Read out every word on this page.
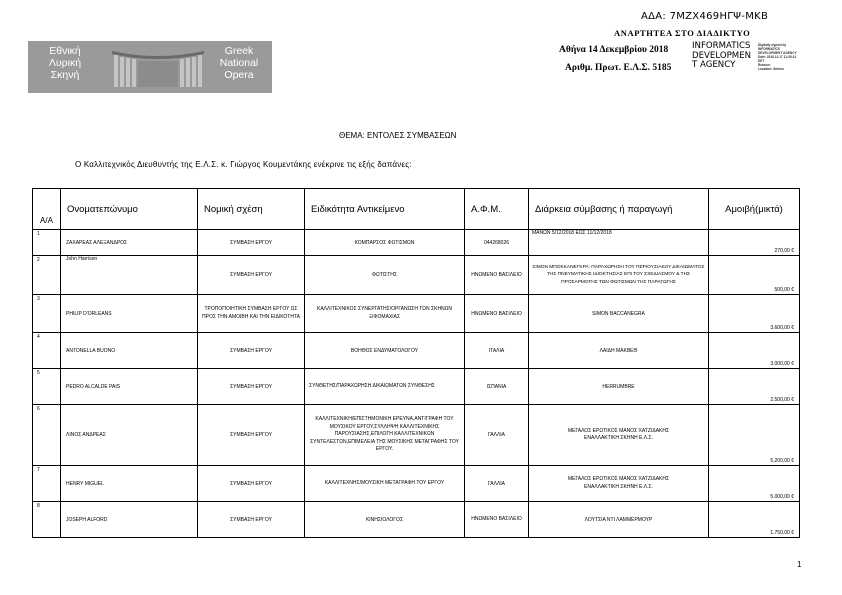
Εθνική
Λυρική
Σκηνή
Greek
National
Opera
ΑΔΑ: 7ΜΖΧ469ΗΓΨ-ΜΚΒ
ΑΝΑΡΤΗΤΕΑ ΣΤΟ ΔΙΑΔΙΚΤΥΟ
Αθήνα 14 Δεκεμβρίου 2018
Αριθμ. Πρωτ. Ε.Λ.Σ. 5185
INFORMATICS
DEVELOPMEN
T AGENCY
Digitally signed by
INFORMATICS
DEVELOPMENT AGENCY
Date: 2018.12.17 11:35:14
EET
Reason:
Location: Athens
ΘΕΜΑ: ΕΝΤΟΛΕΣ ΣΥΜΒΑΣΕΩΝ
Ο Καλλιτεχνικός Διευθυντής της Ε.Λ.Σ. κ. Γιώργος Κουμεντάκης ενέκρινε τις εξής δαπάνες:
Α/Α	Ονοματεπώνυμο	Νομική σχέση	Ειδικότητα Αντικείμενο	Α.Φ.Μ.	Διάρκεια σύμβασης ή παραγωγή	Αμοιβή(μικτά)
1	ΖΑΧΑΡΕΑΣ ΑΛΕΞΑΝΔΡΟΣ	ΣΥΜΒΑΣΗ ΕΡΓΟΥ	ΚΟΜΠΑΡΣΟΣ ΦΩΤΙΣΜΩΝ	044268026	ΜΑΝΩΝ 5/12/2018 ΕΩΣ 11/12/2018	270,00 €
2	John Harrison	ΣΥΜΒΑΣΗ ΕΡΓΟΥ	ΦΩΤΙΣΤΗΣ	ΗΝΩΜΕΝΟ ΒΑΣΙΛΕΙΟ	ΣΙΜΟΝ ΜΠΟΚΚΑΝΕΓΚΡΑ: ΠΑΡΑΧΩΡΗΣΗ ΤΟΥ ΠΕΡΙΟΥΣΙΑΚΟΥ ΔΙΚΑΙΩΜΑΤΟΣ ΤΗΣ ΠΝΕΥΜΑΤΙΚΗΣ ΙΔΙΟΚΤΗΣΙΑΣ ΕΠΙ ΤΟΥ ΣΧΕΔΙΑΣΜΟΥ & ΤΗΣ ΠΡΟΣΑΡΜΟΓΗΣ ΤΩΝ ΦΩΤΙΣΜΩΝ ΤΗΣ ΠΑΡΑΓΩΓΗΣ	500,00 €
3	PHILIP D'ORLEANS	ΤΡΟΠΟΠΟΙΗΤΙΚΗ ΣΥΜΒΑΣΗ ΕΡΓΟΥ ΩΣ ΠΡΟΣ ΤΗΝ ΑΜΟΙΒΗ ΚΑΙ ΤΗΝ ΕΙΔΙΚΟΤΗΤΑ	ΚΑΛΛΙΤΕΧΝΙΚΟΣ ΣΥΝΕΡΓΑΤΗΣ/ΟΡΓΑΝΩΣΗ ΤΩΝ ΣΚΗΝΩΝ ΞΙΦΟΜΑΧΙΑΣ	ΗΝΩΜΕΝΟ ΒΑΣΙΛΕΙΟ	SIMON BACCANEGRA	3.600,00 €
4	ANTONELLA BUONO	ΣΥΜΒΑΣΗ ΕΡΓΟΥ	ΒΟΗΘΟΣ ΕΝΔΥΜΑΤΟΛΟΓΟΥ	ΙΤΑΛΙΑ	ΛΑΙΔΗ ΜΑΚΒΕΘ	3.000,00 €
5	PEDRO ALCALDE PAIS	ΣΥΜΒΑΣΗ ΕΡΓΟΥ	ΣΥΝΘΕΤΗΣ/ΠΑΡΑΧΩΡΗΣΗ ΔΙΚΑΙΩΜΑΤΩΝ ΣΥΝΘΕΣΗΣ	ΙΣΠΑΝΙΑ	HERRUMBRE	2.500,00 €
6	ΛΙΝΟΣ ΑΝΔΡΕΑΣ	ΣΥΜΒΑΣΗ ΕΡΓΟΥ	ΚΑΛΛΙΤΕΧΝΙΚΗ/ΕΠΙΣΤΗΜΟΝΙΚΗ ΕΡΕΥΝΑ,ΑΝΤΙΓΡΑΦΗ ΤΟΥ ΜΟΥΣΙΚΟΥ ΕΡΓΟΥ,ΣΥΛΛΗΨΗ ΚΑΛΛΙΤΕΧΝΙΚΗΣ ΠΑΡΟΥΣΙΑΣΗΣ,ΕΠΙΛΟΓΗ ΚΑΛΛΙΤΕΧΝΙΚΩΝ ΣΥΝΤΕΛΕΣΤΩΝ,ΕΠΙΜΕΛΕΙΑ ΤΗΣ ΜΟΥΣΙΚΗΣ ΜΕΤΑΓΡΑΦΗΣ ΤΟΥ ΕΡΓΟΥ.	ΓΑΛΛΙΑ	ΜΕΓΑΛΟΣ ΕΡΩΤΙΚΟΣ ΜΑΝΟΣ ΧΑΤΖΙΔΑΚΗΣ ΕΝΑΛΛΑΚΤΙΚΗ ΣΚΗΝΗ Ε.Λ.Σ.	5.200,00 €
7	HENRY MIGUEL	ΣΥΜΒΑΣΗ ΕΡΓΟΥ	ΚΑΛΛΙΤΕΧΝΗΣ/ΜΟΥΣΙΚΗ ΜΕΤΑΓΡΑΦΗ ΤΟΥ ΕΡΓΟΥ	ΓΑΛΛΙΑ	ΜΕΓΑΛΟΣ ΕΡΩΤΙΚΟΣ ΜΑΝΟΣ ΧΑΤΖΙΔΑΚΗΣ ΕΝΑΛΛΑΚΤΙΚΗ ΣΚΗΝΗ Ε.Λ.Σ.	5.000,00 €
8	JOSEPH ALFORD	ΣΥΜΒΑΣΗ ΕΡΓΟΥ	ΚΙΝΗΣΙΟΛΟΓΟΣ	ΗΝΩΜΕΝΟ ΒΑΣΙΛΕΙΟ	ΛΟΥΤΣΙΑ ΝΤΙ ΛΑΜΜΕΡΜΟΥΡ	1.750,00 €
1
